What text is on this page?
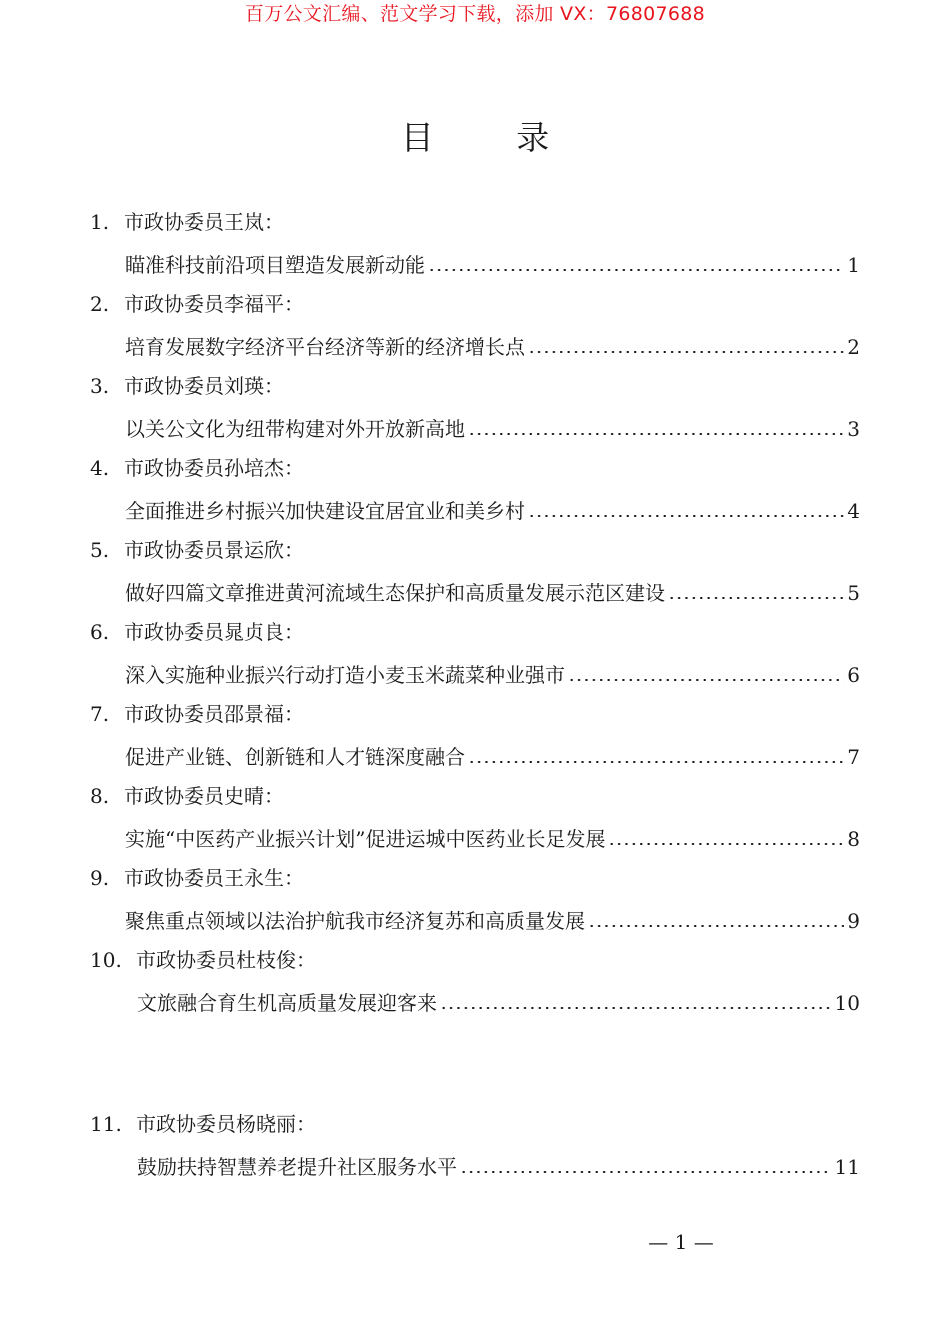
百万公文汇编、范文学习下载，添加 VX：76807688
目 录
1. 市政协委员王岚：
瞄准科技前沿项目塑造发展新动能	1
2. 市政协委员李福平：
培育发展数字经济平台经济等新的经济增长点	2
3. 市政协委员刘瑛：
以关公文化为纽带构建对外开放新高地	3
4. 市政协委员孙培杰：
全面推进乡村振兴加快建设宜居宜业和美乡村	4
5. 市政协委员景运欣：
做好四篇文章推进黄河流域生态保护和高质量发展示范区建设	5
6. 市政协委员晁贞良：
深入实施种业振兴行动打造小麦玉米蔬菜种业强市	6
7. 市政协委员邵景福：
促进产业链、创新链和人才链深度融合	7
8. 市政协委员史晴：
实施“中医药产业振兴计划”促进运城中医药业长足发展	8
9. 市政协委员王永生：
聚焦重点领域以法治护航我市经济复苏和高质量发展	9
10. 市政协委员杜枝俊：
文旅融合育生机高质量发展迎客来	10
11. 市政协委员杨晓丽：
鼓励扶持智慧养老提升社区服务水平	11
— 1 —
